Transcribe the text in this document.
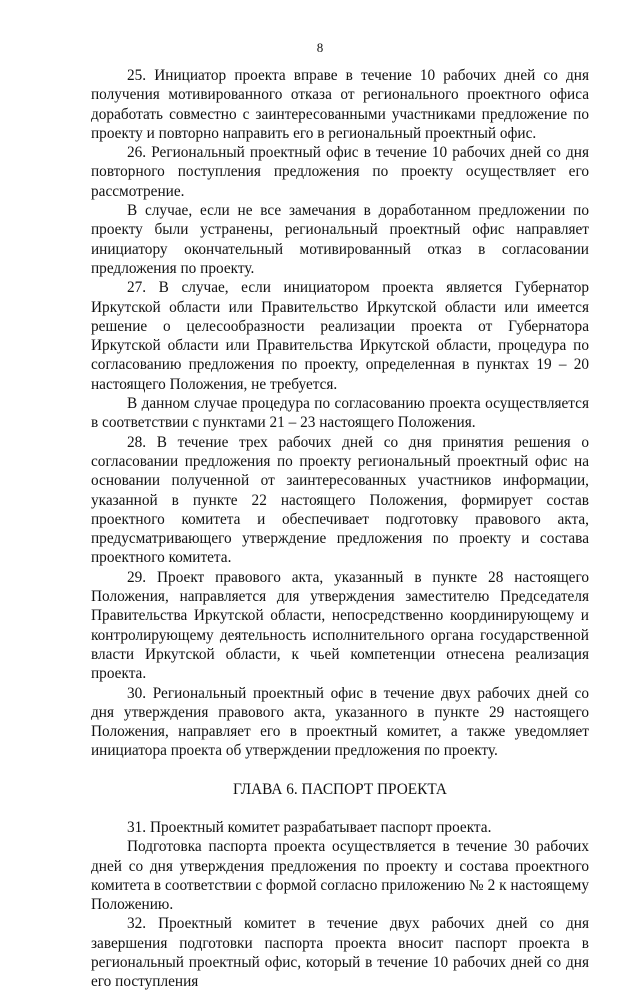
8

25. Инициатор проекта вправе в течение 10 рабочих дней со дня получения мотивированного отказа от регионального проектного офиса доработать совместно с заинтересованными участниками предложение по проекту и повторно направить его в региональный проектный офис.

26. Региональный проектный офис в течение 10 рабочих дней со дня повторного поступления предложения по проекту осуществляет его рассмотрение.

В случае, если не все замечания в доработанном предложении по проекту были устранены, региональный проектный офис направляет инициатору окончательный мотивированный отказ в согласовании предложения по проекту.

27. В случае, если инициатором проекта является Губернатор Иркутской области или Правительство Иркутской области или имеется решение о целесообразности реализации проекта от Губернатора Иркутской области или Правительства Иркутской области, процедура по согласованию предложения по проекту, определенная в пунктах 19 – 20 настоящего Положения, не требуется.

В данном случае процедура по согласованию проекта осуществляется в соответствии с пунктами 21 – 23 настоящего Положения.

28. В течение трех рабочих дней со дня принятия решения о согласовании предложения по проекту региональный проектный офис на основании полученной от заинтересованных участников информации, указанной в пункте 22 настоящего Положения, формирует состав проектного комитета и обеспечивает подготовку правового акта, предусматривающего утверждение предложения по проекту и состава проектного комитета.

29. Проект правового акта, указанный в пункте 28 настоящего Положения, направляется для утверждения заместителю Председателя Правительства Иркутской области, непосредственно координирующему и контролирующему деятельность исполнительного органа государственной власти Иркутской области, к чьей компетенции отнесена реализация проекта.

30. Региональный проектный офис в течение двух рабочих дней со дня утверждения правового акта, указанного в пункте 29 настоящего Положения, направляет его в проектный комитет, а также уведомляет инициатора проекта об утверждении предложения по проекту.

ГЛАВА 6. ПАСПОРТ ПРОЕКТА

31. Проектный комитет разрабатывает паспорт проекта.

Подготовка паспорта проекта осуществляется в течение 30 рабочих дней со дня утверждения предложения по проекту и состава проектного комитета в соответствии с формой согласно приложению № 2 к настоящему Положению.

32. Проектный комитет в течение двух рабочих дней со дня завершения подготовки паспорта проекта вносит паспорт проекта в региональный проектный офис, который в течение 10 рабочих дней со дня его поступления
